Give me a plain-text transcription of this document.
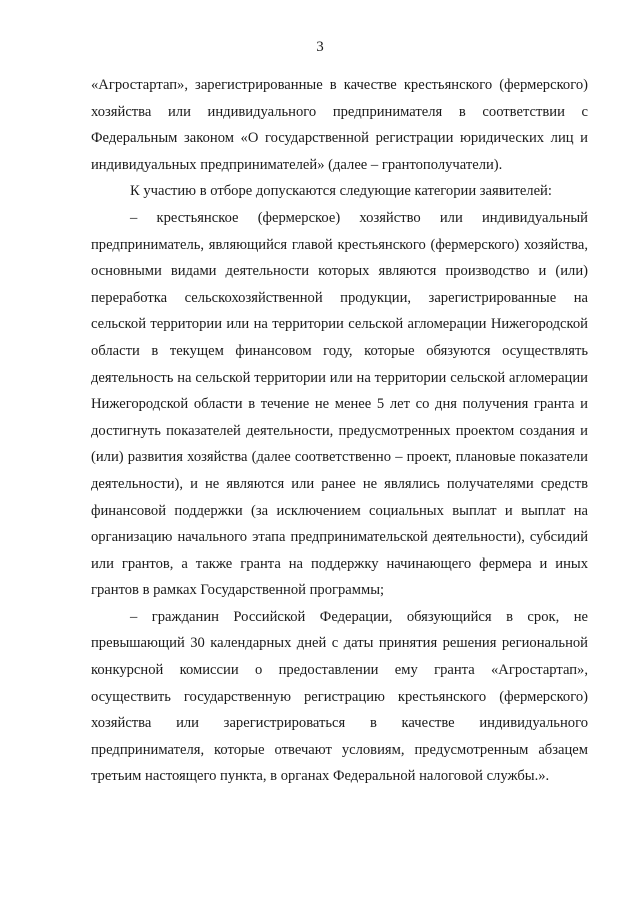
3

«Агростартап», зарегистрированные в качестве крестьянского (фермерского) хозяйства или индивидуального предпринимателя в соответствии с Федеральным законом «О государственной регистрации юридических лиц и индивидуальных предпринимателей» (далее – грантополучатели).

К участию в отборе допускаются следующие категории заявителей:

– крестьянское (фермерское) хозяйство или индивидуальный предприниматель, являющийся главой крестьянского (фермерского) хозяйства, основными видами деятельности которых являются производство и (или) переработка сельскохозяйственной продукции, зарегистрированные на сельской территории или на территории сельской агломерации Нижегородской области в текущем финансовом году, которые обязуются осуществлять деятельность на сельской территории или на территории сельской агломерации Нижегородской области в течение не менее 5 лет со дня получения гранта и достигнуть показателей деятельности, предусмотренных проектом создания и (или) развития хозяйства (далее соответственно – проект, плановые показатели деятельности), и не являются или ранее не являлись получателями средств финансовой поддержки (за исключением социальных выплат и выплат на организацию начального этапа предпринимательской деятельности), субсидий или грантов, а также гранта на поддержку начинающего фермера и иных грантов в рамках Государственной программы;

– гражданин Российской Федерации, обязующийся в срок, не превышающий 30 календарных дней с даты принятия решения региональной конкурсной комиссии о предоставлении ему гранта «Агростартап», осуществить государственную регистрацию крестьянского (фермерского) хозяйства или зарегистрироваться в качестве индивидуального предпринимателя, которые отвечают условиям, предусмотренным абзацем третьим настоящего пункта, в органах Федеральной налоговой службы.».
